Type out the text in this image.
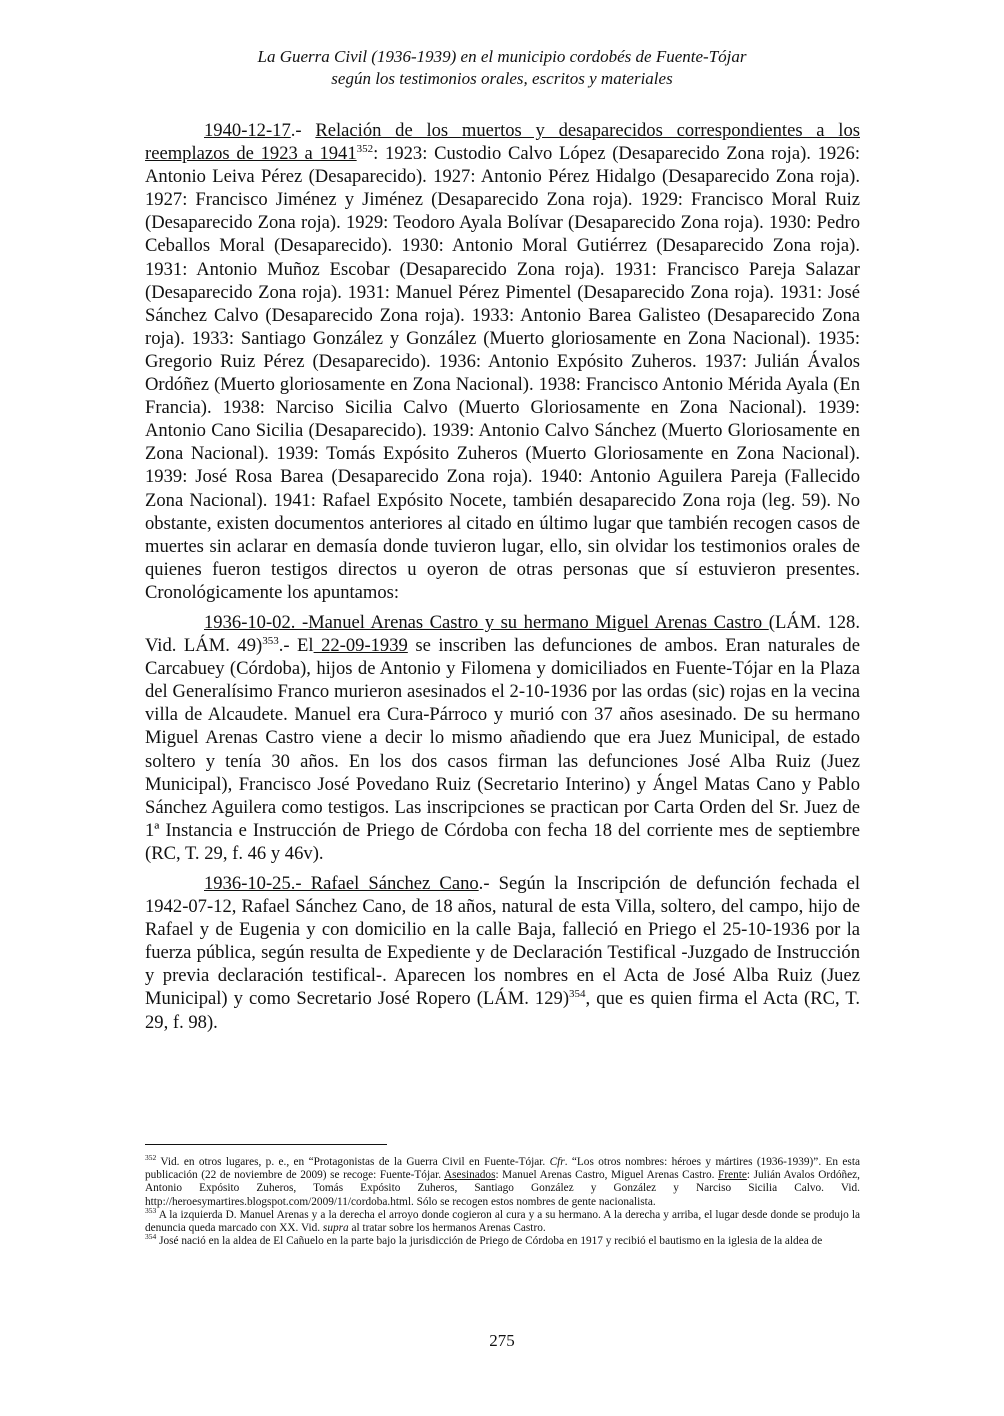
La Guerra Civil (1936-1939) en el municipio cordobés de Fuente-Tójar
según los testimonios orales, escritos y materiales

1940-12-17.- Relación de los muertos y desaparecidos correspondientes a los reemplazos de 1923 a 1941$^{352}$: 1923: Custodio Calvo López (Desaparecido Zona roja). 1926: Antonio Leiva Pérez (Desaparecido). 1927: Antonio Pérez Hidalgo (Desaparecido Zona roja). 1927: Francisco Jiménez y Jiménez (Desaparecido Zona roja). 1929: Francisco Moral Ruiz (Desaparecido Zona roja). 1929: Teodoro Ayala Bolívar (Desaparecido Zona roja). 1930: Pedro Ceballos Moral (Desaparecido). 1930: Antonio Moral Gutiérrez (Desaparecido Zona roja). 1931: Antonio Muñoz Escobar (Desaparecido Zona roja). 1931: Francisco Pareja Salazar (Desaparecido Zona roja). 1931: Manuel Pérez Pimentel (Desaparecido Zona roja). 1931: José Sánchez Calvo (Desaparecido Zona roja). 1933: Antonio Barea Galisteo (Desaparecido Zona roja). 1933: Santiago González y González (Muerto gloriosamente en Zona Nacional). 1935: Gregorio Ruiz Pérez (Desaparecido). 1936: Antonio Expósito Zuheros. 1937: Julián Ávalos Ordóñez (Muerto gloriosamente en Zona Nacional). 1938: Francisco Antonio Mérida Ayala (En Francia). 1938: Narciso Sicilia Calvo (Muerto Gloriosamente en Zona Nacional). 1939: Antonio Cano Sicilia (Desaparecido). 1939: Antonio Calvo Sánchez (Muerto Gloriosamente en Zona Nacional). 1939: Tomás Expósito Zuheros (Muerto Gloriosamente en Zona Nacional). 1939: José Rosa Barea (Desaparecido Zona roja). 1940: Antonio Aguilera Pareja (Fallecido Zona Nacional). 1941: Rafael Expósito Nocete, también desaparecido Zona roja (leg. 59). No obstante, existen documentos anteriores al citado en último lugar que también recogen casos de muertes sin aclarar en demasía donde tuvieron lugar, ello, sin olvidar los testimonios orales de quienes fueron testigos directos u oyeron de otras personas que sí estuvieron presentes. Cronológicamente los apuntamos:

1936-10-02. -Manuel Arenas Castro y su hermano Miguel Arenas Castro (LÁM. 128. Vid. LÁM. 49)$^{353}$.- El 22-09-1939 se inscriben las defunciones de ambos. Eran naturales de Carcabuey (Córdoba), hijos de Antonio y Filomena y domiciliados en Fuente-Tójar en la Plaza del Generalísimo Franco murieron asesinados el 2-10-1936 por las ordas (sic) rojas en la vecina villa de Alcaudete. Manuel era Cura-Párroco y murió con 37 años asesinado. De su hermano Miguel Arenas Castro viene a decir lo mismo añadiendo que era Juez Municipal, de estado soltero y tenía 30 años. En los dos casos firman las defunciones José Alba Ruiz (Juez Municipal), Francisco José Povedano Ruiz (Secretario Interino) y Ángel Matas Cano y Pablo Sánchez Aguilera como testigos. Las inscripciones se practican por Carta Orden del Sr. Juez de 1ª Instancia e Instrucción de Priego de Córdoba con fecha 18 del corriente mes de septiembre (RC, T. 29, f. 46 y 46v).

1936-10-25.- Rafael Sánchez Cano.- Según la Inscripción de defunción fechada el 1942-07-12, Rafael Sánchez Cano, de 18 años, natural de esta Villa, soltero, del campo, hijo de Rafael y de Eugenia y con domicilio en la calle Baja, falleció en Priego el 25-10-1936 por la fuerza pública, según resulta de Expediente y de Declaración Testifical -Juzgado de Instrucción y previa declaración testifical-. Aparecen los nombres en el Acta de José Alba Ruiz (Juez Municipal) y como Secretario José Ropero (LÁM. 129)$^{354}$, que es quien firma el Acta (RC, T. 29, f. 98).

$^{352}$ Vid. en otros lugares, p. e., en “Protagonistas de la Guerra Civil en Fuente-Tójar. Cfr. “Los otros nombres: héroes y mártires (1936-1939)”. En esta publicación (22 de noviembre de 2009) se recoge: Fuente-Tójar. Asesinados: Manuel Arenas Castro, Miguel Arenas Castro. Frente: Julián Avalos Ordóñez, Antonio Expósito Zuheros, Tomás Expósito Zuheros, Santiago González y González y Narciso Sicilia Calvo. Vid. http://heroesymartires.blogspot.com/2009/11/cordoba.html. Sólo se recogen estos nombres de gente nacionalista.

$^{353}$ A la izquierda D. Manuel Arenas y a la derecha el arroyo donde cogieron al cura y a su hermano. A la derecha y arriba, el lugar desde donde se produjo la denuncia queda marcado con XX. Vid. supra al tratar sobre los hermanos Arenas Castro.

$^{354}$ José nació en la aldea de El Cañuelo en la parte bajo la jurisdicción de Priego de Córdoba en 1917 y recibió el bautismo en la iglesia de la aldea de

275
